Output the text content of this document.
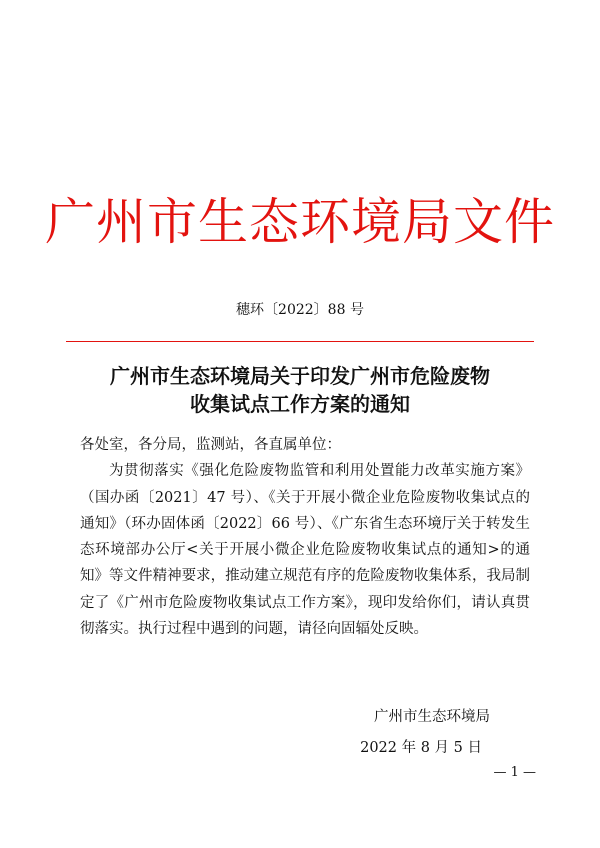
广州市生态环境局文件
穗环〔2022〕88 号
广州市生态环境局关于印发广州市危险废物
收集试点工作方案的通知

各处室，各分局，监测站，各直属单位：

为贯彻落实《强化危险废物监管和利用处置能力改革实施方案》（国办函〔2021〕47 号）、《关于开展小微企业危险废物收集试点的通知》（环办固体函〔2022〕66 号）、《广东省生态环境厅关于转发生态环境部办公厅<关于开展小微企业危险废物收集试点的通知>的通知》等文件精神要求，推动建立规范有序的危险废物收集体系，我局制定了《广州市危险废物收集试点工作方案》，现印发给你们，请认真贯彻落实。执行过程中遇到的问题，请径向固辐处反映。

广州市生态环境局
2022 年 8 月 5 日
— 1 —
